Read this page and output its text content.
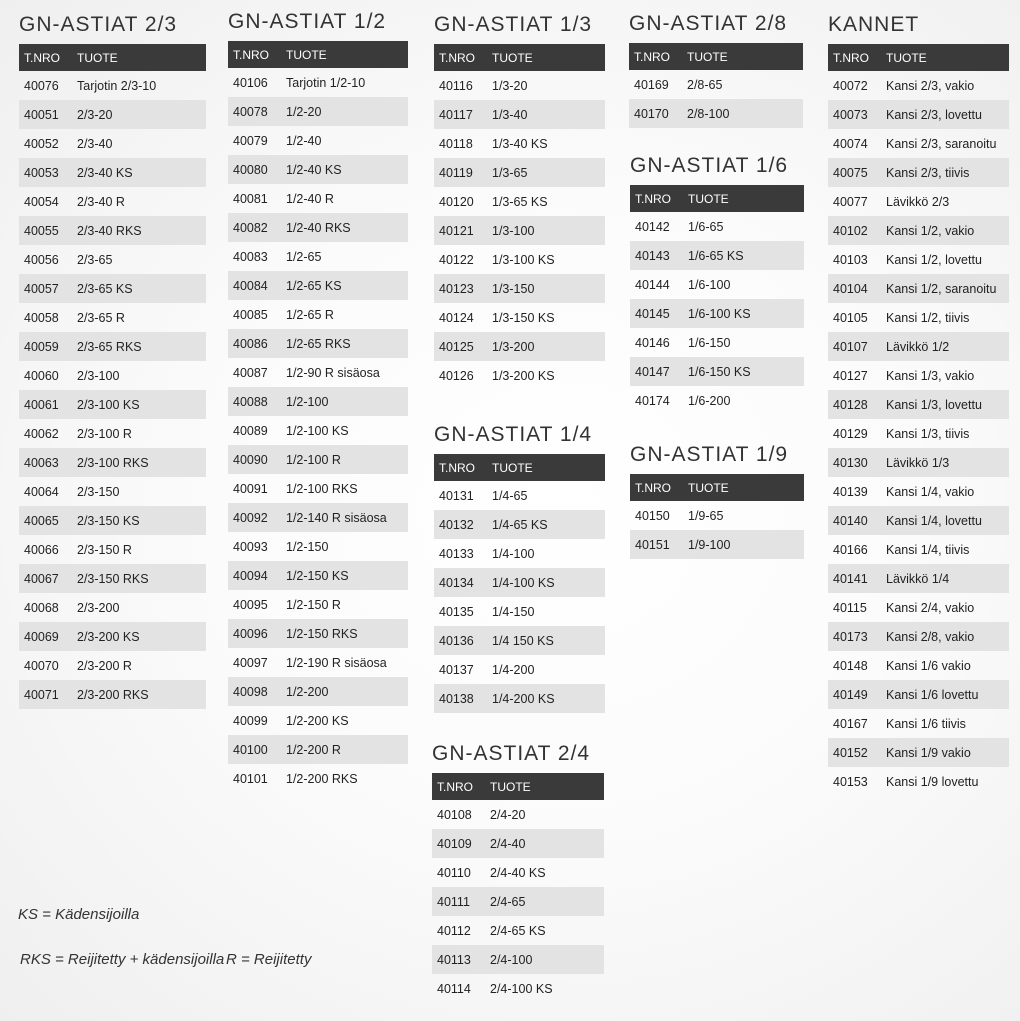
GN-ASTIAT 2/3
T.NRO	TUOTE
40076	Tarjotin 2/3-10
40051	2/3-20
40052	2/3-40
40053	2/3-40 KS
40054	2/3-40 R
40055	2/3-40 RKS
40056	2/3-65
40057	2/3-65 KS
40058	2/3-65 R
40059	2/3-65 RKS
40060	2/3-100
40061	2/3-100 KS
40062	2/3-100 R
40063	2/3-100 RKS
40064	2/3-150
40065	2/3-150 KS
40066	2/3-150 R
40067	2/3-150 RKS
40068	2/3-200
40069	2/3-200 KS
40070	2/3-200 R
40071	2/3-200 RKS
GN-ASTIAT 1/2
T.NRO	TUOTE
40106	Tarjotin 1/2-10
40078	1/2-20
40079	1/2-40
40080	1/2-40 KS
40081	1/2-40 R
40082	1/2-40 RKS
40083	1/2-65
40084	1/2-65 KS
40085	1/2-65 R
40086	1/2-65 RKS
40087	1/2-90 R sisäosa
40088	1/2-100
40089	1/2-100 KS
40090	1/2-100 R
40091	1/2-100 RKS
40092	1/2-140 R sisäosa
40093	1/2-150
40094	1/2-150 KS
40095	1/2-150 R
40096	1/2-150 RKS
40097	1/2-190 R sisäosa
40098	1/2-200
40099	1/2-200 KS
40100	1/2-200 R
40101	1/2-200 RKS
GN-ASTIAT 1/3
T.NRO	TUOTE
40116	1/3-20
40117	1/3-40
40118	1/3-40 KS
40119	1/3-65
40120	1/3-65 KS
40121	1/3-100
40122	1/3-100 KS
40123	1/3-150
40124	1/3-150 KS
40125	1/3-200
40126	1/3-200 KS
GN-ASTIAT 1/4
T.NRO	TUOTE
40131	1/4-65
40132	1/4-65 KS
40133	1/4-100
40134	1/4-100 KS
40135	1/4-150
40136	1/4 150 KS
40137	1/4-200
40138	1/4-200 KS
GN-ASTIAT 2/4
T.NRO	TUOTE
40108	2/4-20
40109	2/4-40
40110	2/4-40 KS
40111	2/4-65
40112	2/4-65 KS
40113	2/4-100
40114	2/4-100 KS
GN-ASTIAT 2/8
T.NRO	TUOTE
40169	2/8-65
40170	2/8-100
GN-ASTIAT 1/6
T.NRO	TUOTE
40142	1/6-65
40143	1/6-65 KS
40144	1/6-100
40145	1/6-100 KS
40146	1/6-150
40147	1/6-150 KS
40174	1/6-200
GN-ASTIAT 1/9
T.NRO	TUOTE
40150	1/9-65
40151	1/9-100
KANNET
T.NRO	TUOTE
40072	Kansi 2/3, vakio
40073	Kansi 2/3, lovettu
40074	Kansi 2/3, saranoitu
40075	Kansi 2/3, tiivis
40077	Lävikkö 2/3
40102	Kansi 1/2, vakio
40103	Kansi 1/2, lovettu
40104	Kansi 1/2, saranoitu
40105	Kansi 1/2, tiivis
40107	Lävikkö 1/2
40127	Kansi 1/3, vakio
40128	Kansi 1/3, lovettu
40129	Kansi 1/3, tiivis
40130	Lävikkö 1/3
40139	Kansi 1/4, vakio
40140	Kansi 1/4, lovettu
40166	Kansi 1/4, tiivis
40141	Lävikkö 1/4
40115	Kansi 2/4, vakio
40173	Kansi 2/8, vakio
40148	Kansi 1/6 vakio
40149	Kansi 1/6 lovettu
40167	Kansi 1/6 tiivis
40152	Kansi 1/9 vakio
40153	Kansi 1/9 lovettu
KS = Kädensijoilla
RKS = Reijitetty + kädensijoilla R = Reijitetty
